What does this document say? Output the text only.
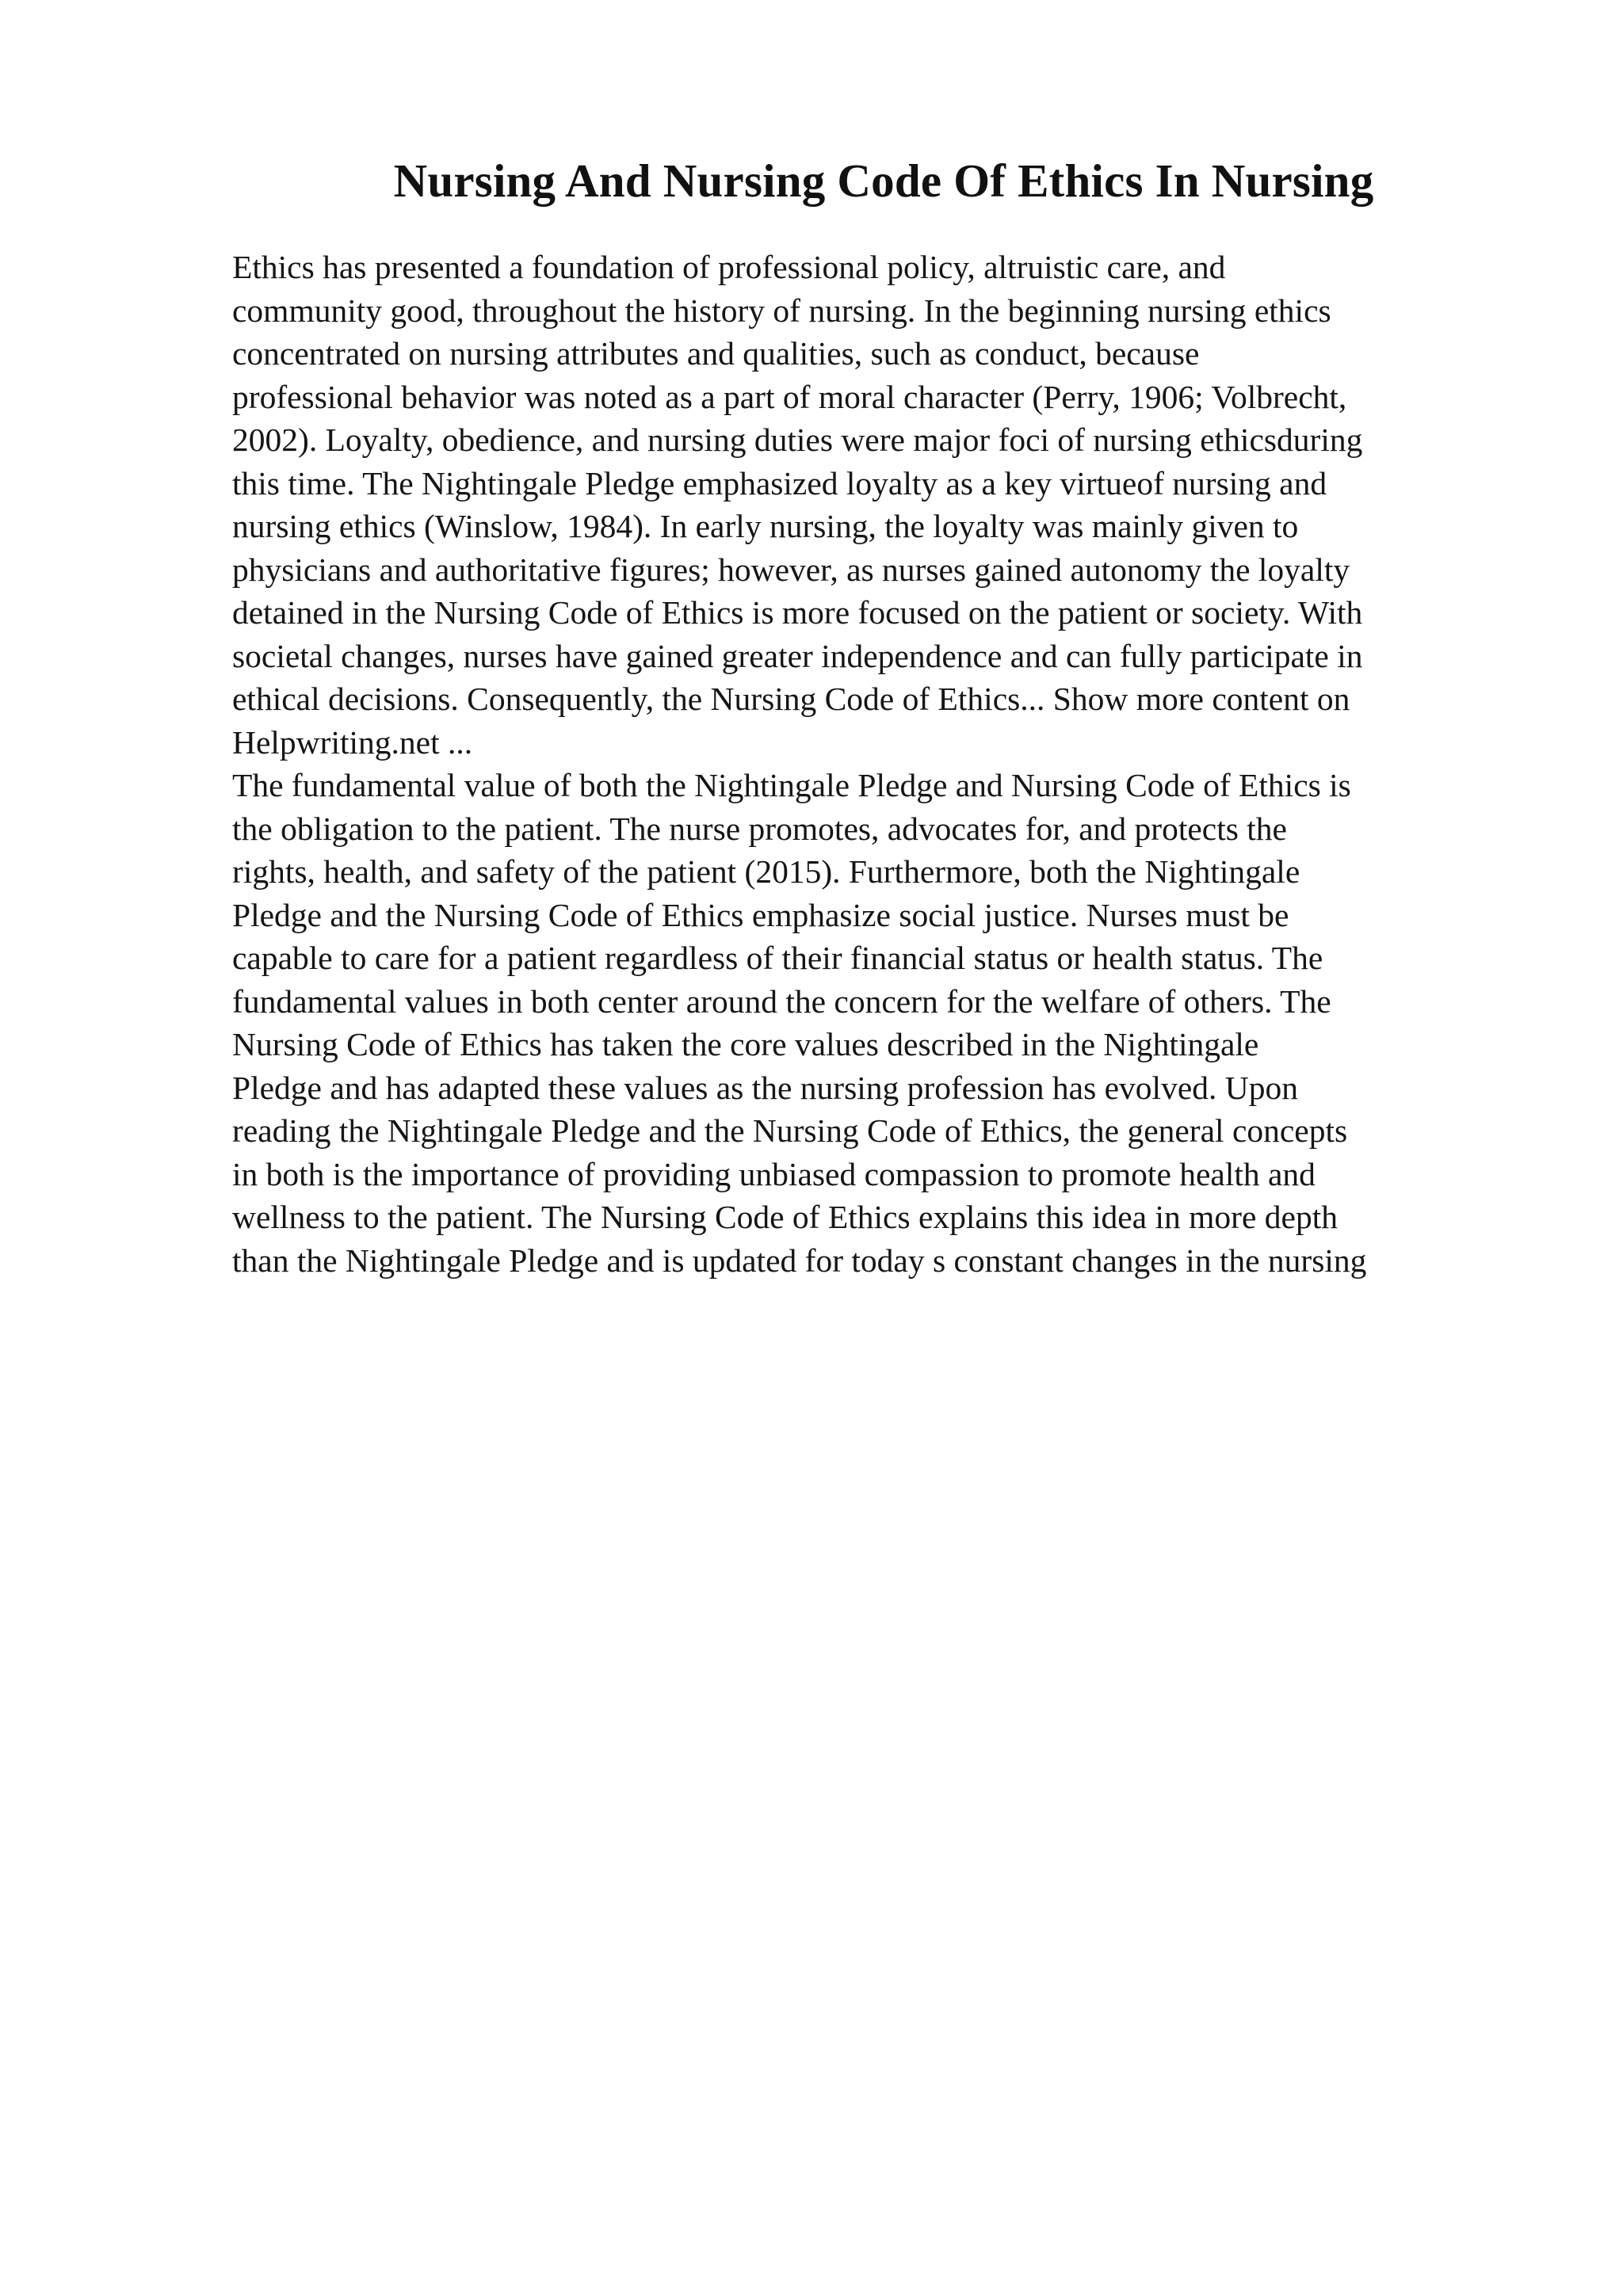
Nursing And Nursing Code Of Ethics In Nursing
Ethics has presented a foundation of professional policy, altruistic care, and
community good, throughout the history of nursing. In the beginning nursing ethics
concentrated on nursing attributes and qualities, such as conduct, because
professional behavior was noted as a part of moral character (Perry, 1906; Volbrecht,
2002). Loyalty, obedience, and nursing duties were major foci of nursing ethicsduring
this time. The Nightingale Pledge emphasized loyalty as a key virtueof nursing and
nursing ethics (Winslow, 1984). In early nursing, the loyalty was mainly given to
physicians and authoritative figures; however, as nurses gained autonomy the loyalty
detained in the Nursing Code of Ethics is more focused on the patient or society. With
societal changes, nurses have gained greater independence and can fully participate in
ethical decisions. Consequently, the Nursing Code of Ethics... Show more content on
Helpwriting.net ...
The fundamental value of both the Nightingale Pledge and Nursing Code of Ethics is
the obligation to the patient. The nurse promotes, advocates for, and protects the
rights, health, and safety of the patient (2015). Furthermore, both the Nightingale
Pledge and the Nursing Code of Ethics emphasize social justice. Nurses must be
capable to care for a patient regardless of their financial status or health status. The
fundamental values in both center around the concern for the welfare of others. The
Nursing Code of Ethics has taken the core values described in the Nightingale
Pledge and has adapted these values as the nursing profession has evolved. Upon
reading the Nightingale Pledge and the Nursing Code of Ethics, the general concepts
in both is the importance of providing unbiased compassion to promote health and
wellness to the patient. The Nursing Code of Ethics explains this idea in more depth
than the Nightingale Pledge and is updated for today s constant changes in the nursing
